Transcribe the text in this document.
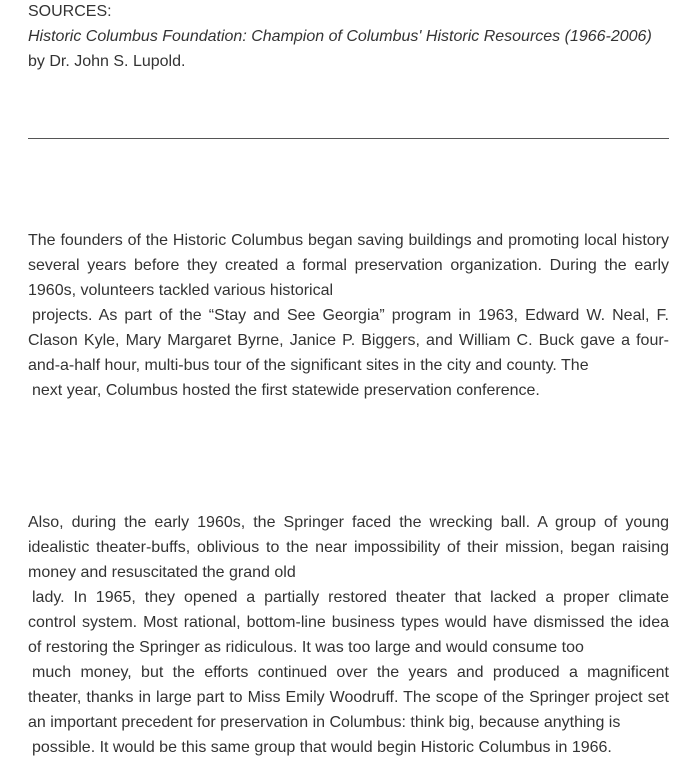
SOURCES:
Historic Columbus Foundation: Champion of Columbus' Historic Resources (1966-2006)
by Dr. John S. Lupold.
The founders of the Historic Columbus began saving buildings and promoting local history
several years before they created a formal preservation organization. During the early
1960s, volunteers tackled various historical
projects. As part of the “Stay and See Georgia” program in 1963, Edward W. Neal, F.
Clason Kyle, Mary Margaret Byrne, Janice P. Biggers, and William C. Buck gave a four-
and-a-half hour, multi-bus tour of the significant sites in the city and county. The
next year, Columbus hosted the first statewide preservation conference.
Also, during the early 1960s, the Springer faced the wrecking ball. A group of young
idealistic theater-buffs, oblivious to the near impossibility of their mission, began raising
money and resuscitated the grand old
lady. In 1965, they opened a partially restored theater that lacked a proper climate
control system. Most rational, bottom-line business types would have dismissed the idea
of restoring the Springer as ridiculous. It was too large and would consume too
much money, but the efforts continued over the years and produced a magnificent
theater, thanks in large part to Miss Emily Woodruff. The scope of the Springer project set
an important precedent for preservation in Columbus: think big, because anything is
possible. It would be this same group that would begin Historic Columbus in 1966.
